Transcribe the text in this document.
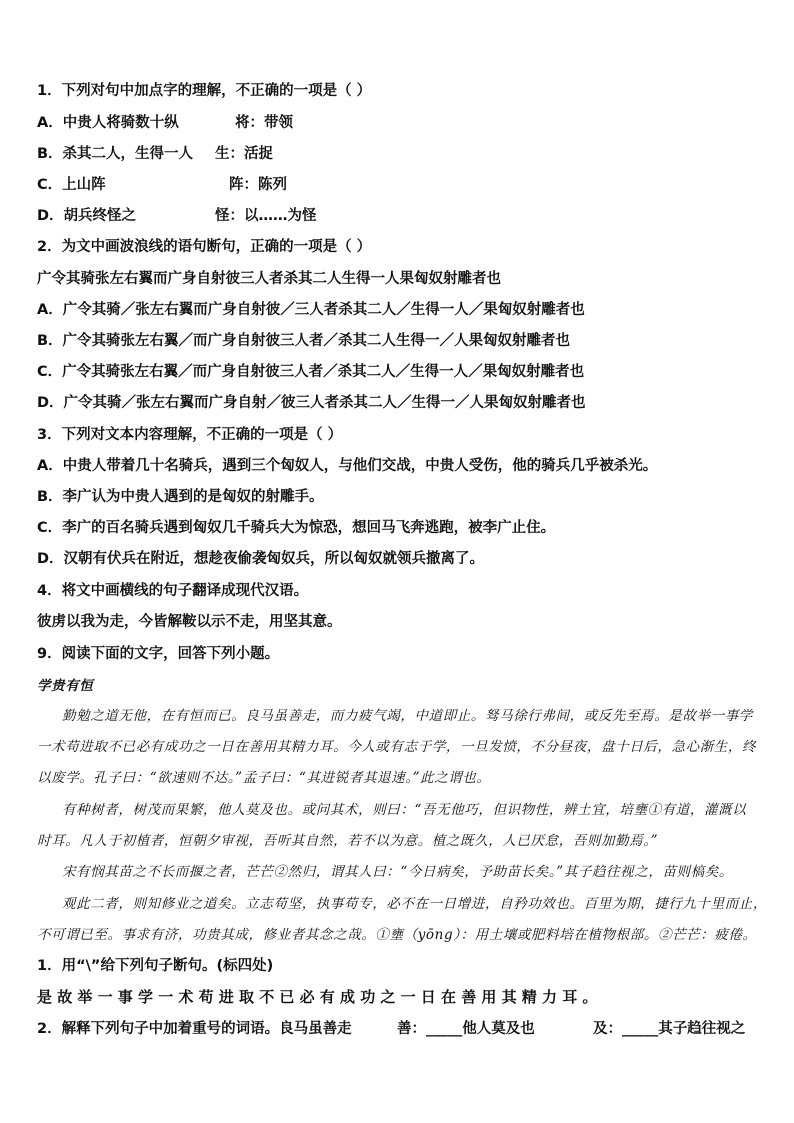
1．下列对句中加点字的理解，不正确的一项是（ ）
A．中贵人将骑数十纵	将：带领
B．杀其二人，生得一人 生：活捉
C．上山阵	阵：陈列
D．胡兵终怪之	怪：以……为怪
2．为文中画波浪线的语句断句，正确的一项是（ ）
广令其骑张左右翼而广身自射彼三人者杀其二人生得一人果匈奴射雕者也
A．广令其骑／张左右翼而广身自射彼／三人者杀其二人／生得一人／果匈奴射雕者也
B．广令其骑张左右翼／而广身自射彼三人者／杀其二人生得一／人果匈奴射雕者也
C．广令其骑张左右翼／而广身自射彼三人者／杀其二人／生得一人／果匈奴射雕者也
D．广令其骑／张左右翼而广身自射／彼三人者杀其二人／生得一／人果匈奴射雕者也
3．下列对文本内容理解，不正确的一项是（ ）
A．中贵人带着几十名骑兵，遇到三个匈奴人，与他们交战，中贵人受伤，他的骑兵几乎被杀光。
B．李广认为中贵人遇到的是匈奴的射雕手。
C．李广的百名骑兵遇到匈奴几千骑兵大为惊恐，想回马飞奔逃跑，被李广止住。
D．汉朝有伏兵在附近，想趁夜偷袭匈奴兵，所以匈奴就领兵撤离了。
4．将文中画横线的句子翻译成现代汉语。
彼虏以我为走，今皆解鞍以示不走，用坚其意。
9．阅读下面的文字，回答下列小题。
学贵有恒
勤勉之道无他，在有恒而已。良马虽善走，而力疲气竭，中道即止。驽马徐行弗间，或反先至焉。是故举一事学
一术苟进取不已必有成功之一日在善用其精力耳。今人或有志于学，一旦发愤，不分昼夜，盘十日后，急心渐生，终
以废学。孔子曰：“欲速则不达。”孟子曰：“其进锐者其退速。”此之谓也。
有种树者，树茂而果繁，他人莫及也。或问其术，则曰：“吾无他巧，但识物性，辨土宜，培壅①有道，灌溉以
时耳。凡人于初植者，恒朝夕审视，吾听其自然，若不以为意。植之既久，人已厌怠，吾则加勤焉。”
宋有悯其苗之不长而揠之者，芒芒②然归，谓其人曰：“今日病矣，予助苗长矣。”其子趋往视之，苗则槁矣。
观此二者，则知修业之道矣。立志苟坚，执事苟专，必不在一日增进，自矜功效也。百里为期，捷行九十里而止，
不可谓已至。事求有济，功贵其成，修业者其念之哉。①壅（yōng）：用土壤或肥料培在植物根部。②芒芒：疲倦。
1．用“\”给下列句子断句。(标四处)
是故举一事学一术苟进取不已必有成功之一日在善用其精力耳。
2．解释下列句子中加着重号的词语。良马虽善走	善：_____他人莫及也	及：_____其子趋往视之
